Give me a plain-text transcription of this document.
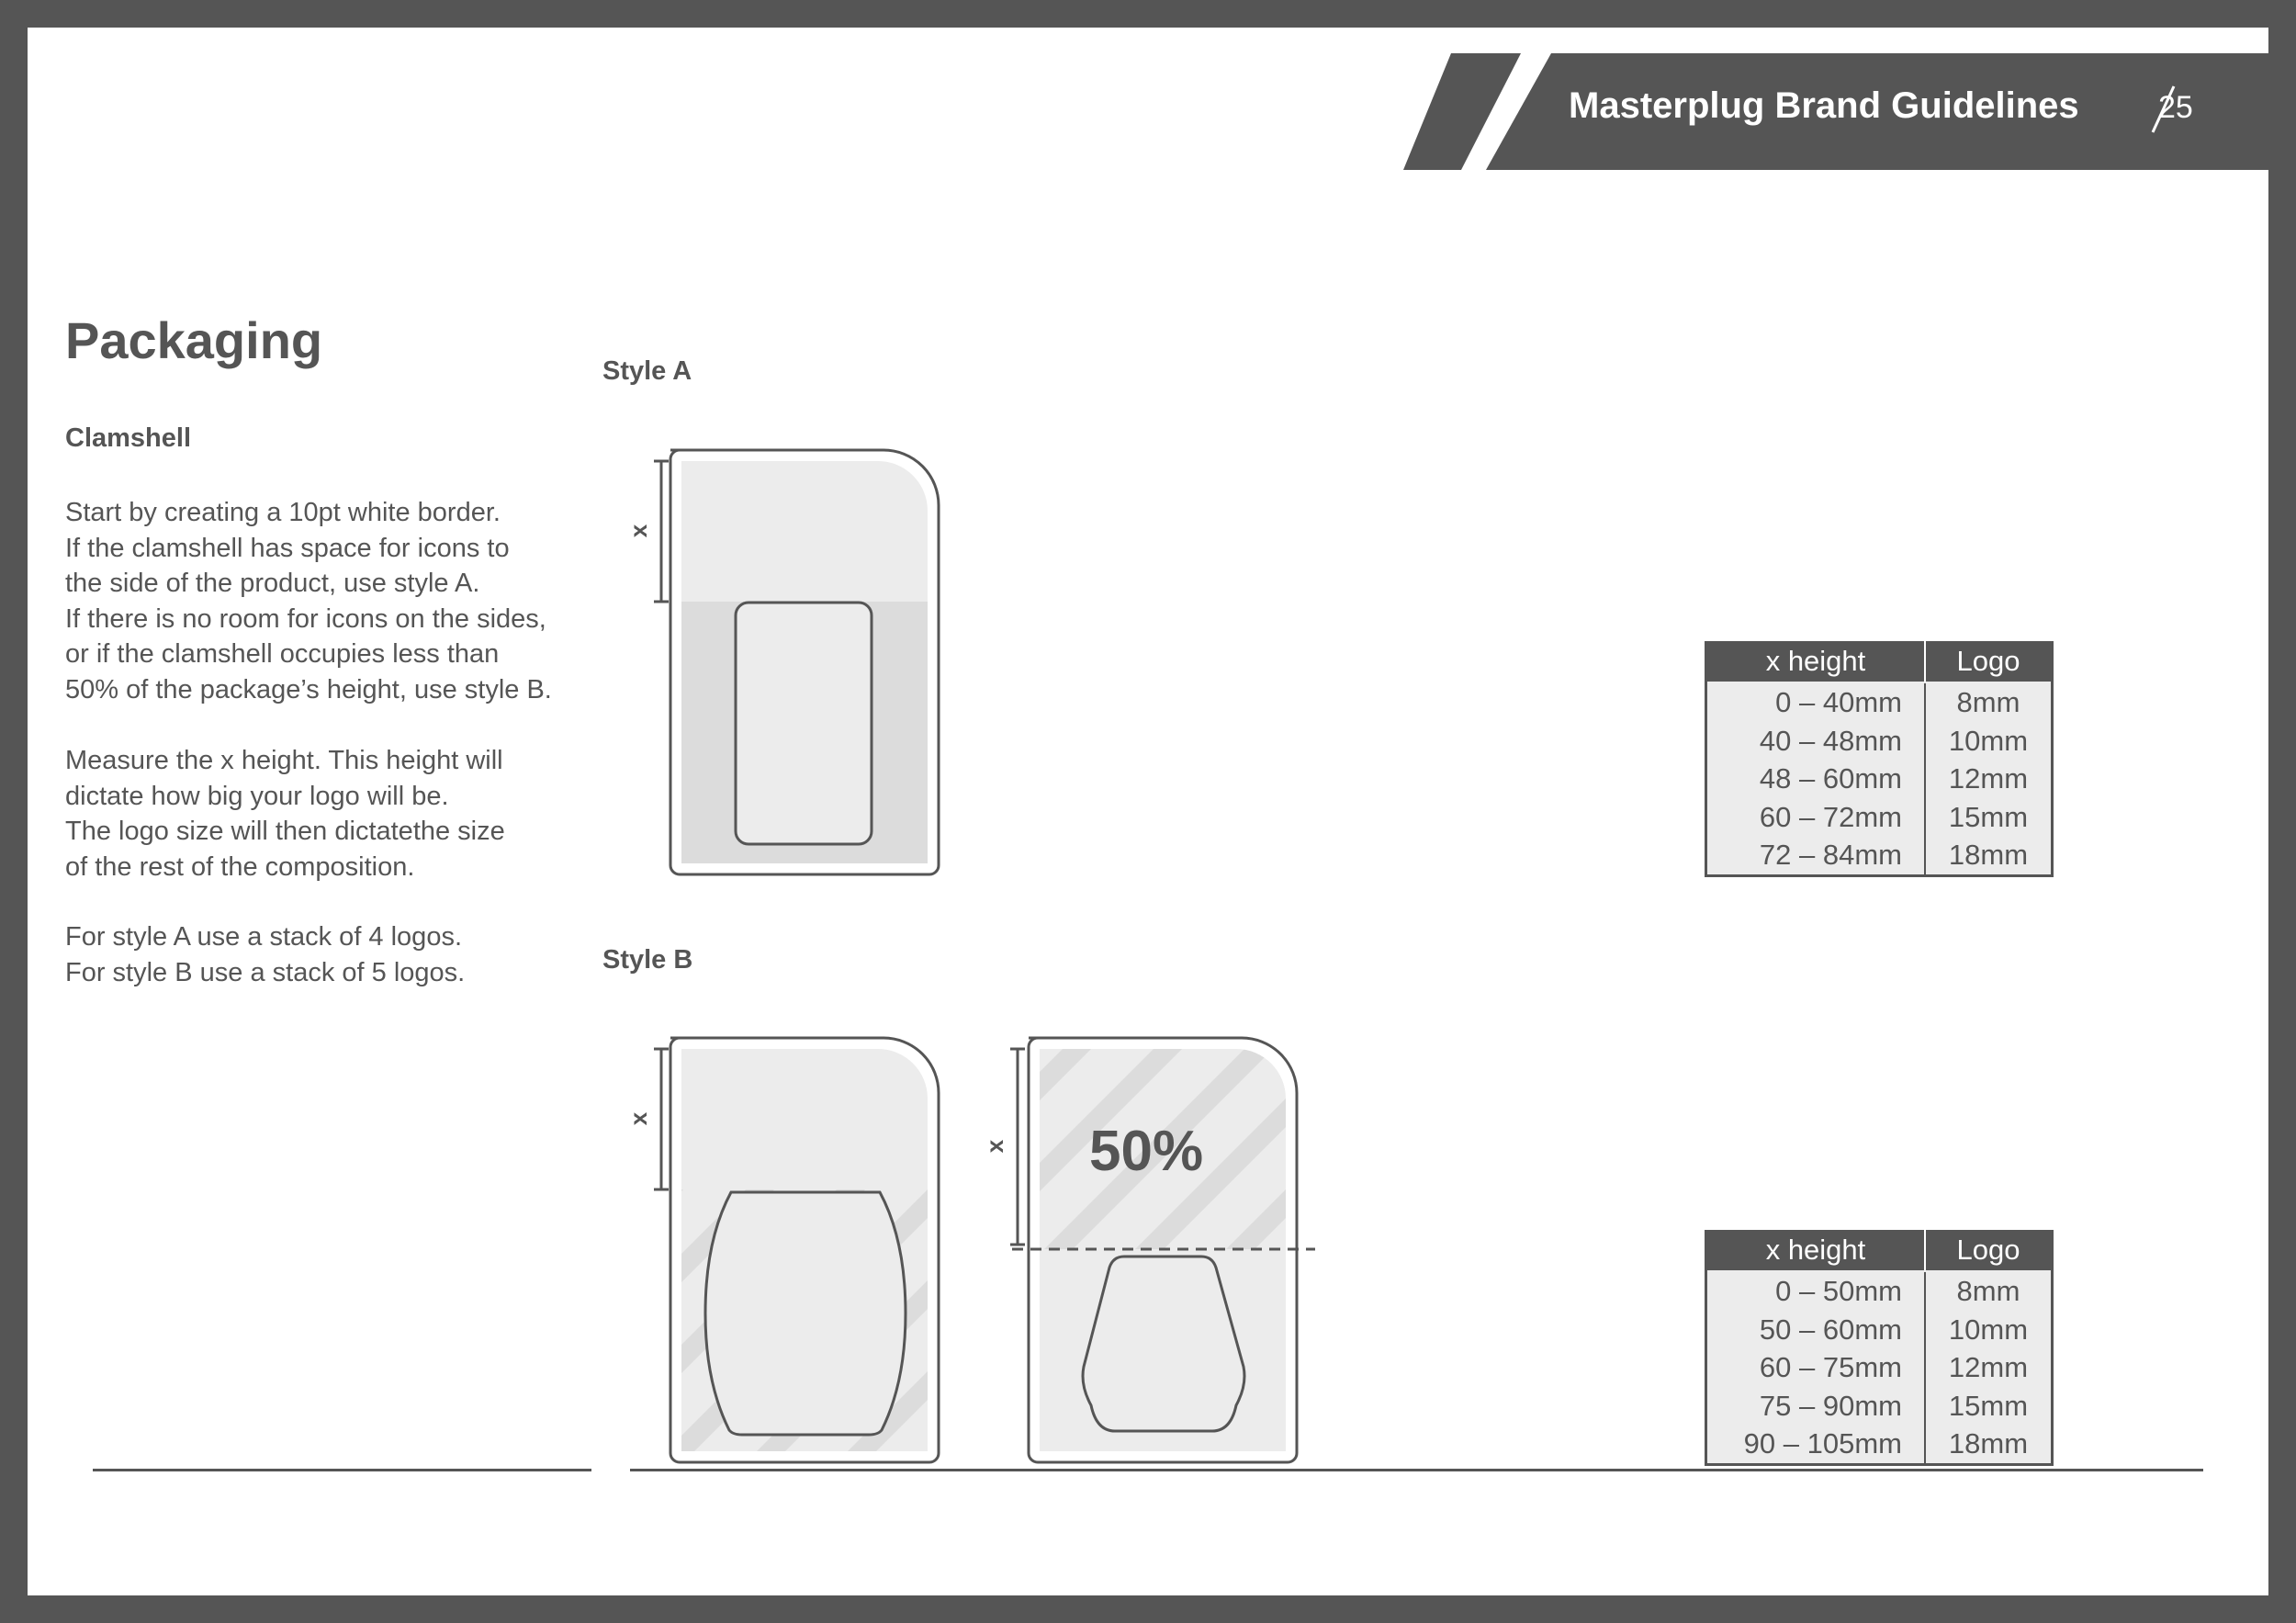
Masterplug Brand Guidelines	25
Packaging
Clamshell
Start by creating a 10pt white border.
If the clamshell has space for icons to
the side of the product, use style A.
If there is no room for icons on the sides,
or if the clamshell occupies less than
50% of the package’s height, use style B.
Measure the x height. This height will
dictate how big your logo will be.
The logo size will then dictatethe size
of the rest of the composition.
For style A use a stack of 4 logos.
For style B use a stack of 5 logos.
Style A
Style B
x
x
x 50%
x height	Logo
0 – 40mm	8mm
40 – 48mm	10mm
48 – 60mm	12mm
60 – 72mm	15mm
72 – 84mm	18mm
x height	Logo
0 – 50mm	8mm
50 – 60mm	10mm
60 – 75mm	12mm
75 – 90mm	15mm
90 – 105mm	18mm
